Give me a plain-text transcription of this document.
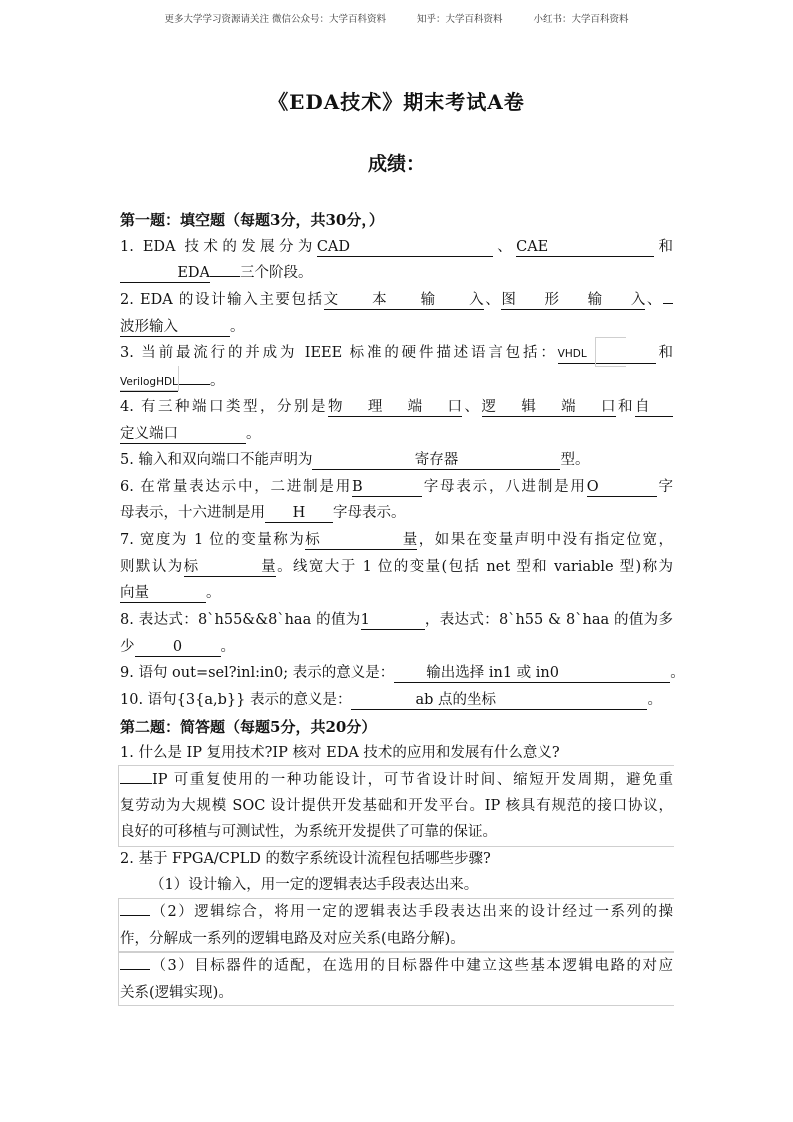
更多大学学习资源请关注 微信公众号：大学百科资料	知乎：大学百科资料	小红书：大学百科资料
《EDA技术》期末考试A卷
成绩：
第一题：填空题（每题3分，共30分，）
1. EDA 技术的发展分为CAD	、CAE	和
EDA 三个阶段。
2. EDA 的设计输入主要包括文本输入、图形输入、
波形输入	。
3. 当前最流行的并成为 IEEE 标准的硬件描述语言包括：VHDL	和
VerilogHDL 。
4. 有三种端口类型，分别是物理端口、逻辑端口和自
定义端口	。
5. 输入和双向端口不能声明为	寄存器	型。
6. 在常量表达示中，二进制是用B	字母表示，八进制是用O	字
母表示，十六进制是用 H 字母表示。
7. 宽度为 1 位的变量称为标量，如果在变量声明中没有指定位宽，
则默认为标量。线宽大于 1 位的变量(包括 net 型和 variable 型)称为
向量	。
8. 表达式：8`h55&&8`haa 的值为1	，表达式：8`h55 & 8`haa 的值为多
少	0	。
9. 语句 out=sel?inl:in0; 表示的意义是： 输出选择 in1 或 in0	。
10. 语句{3{a,b}} 表示的意义是：	ab 点的坐标	。
第二题：简答题（每题5分，共20分）
1. 什么是 IP 复用技术?IP 核对 EDA 技术的应用和发展有什么意义?
IP 可重复使用的一种功能设计，可节省设计时间、缩短开发周期，避免重
复劳动为大规模 SOC 设计提供开发基础和开发平台。IP 核具有规范的接口协议，
良好的可移植与可测试性，为系统开发提供了可靠的保证。
2. 基于 FPGA/CPLD 的数字系统设计流程包括哪些步骤?
（1）设计输入，用一定的逻辑表达手段表达出来。
（2）逻辑综合，将用一定的逻辑表达手段表达出来的设计经过一系列的操
作，分解成一系列的逻辑电路及对应关系(电路分解)。
（3）目标器件的适配，在选用的目标器件中建立这些基本逻辑电路的对应
关系(逻辑实现)。
